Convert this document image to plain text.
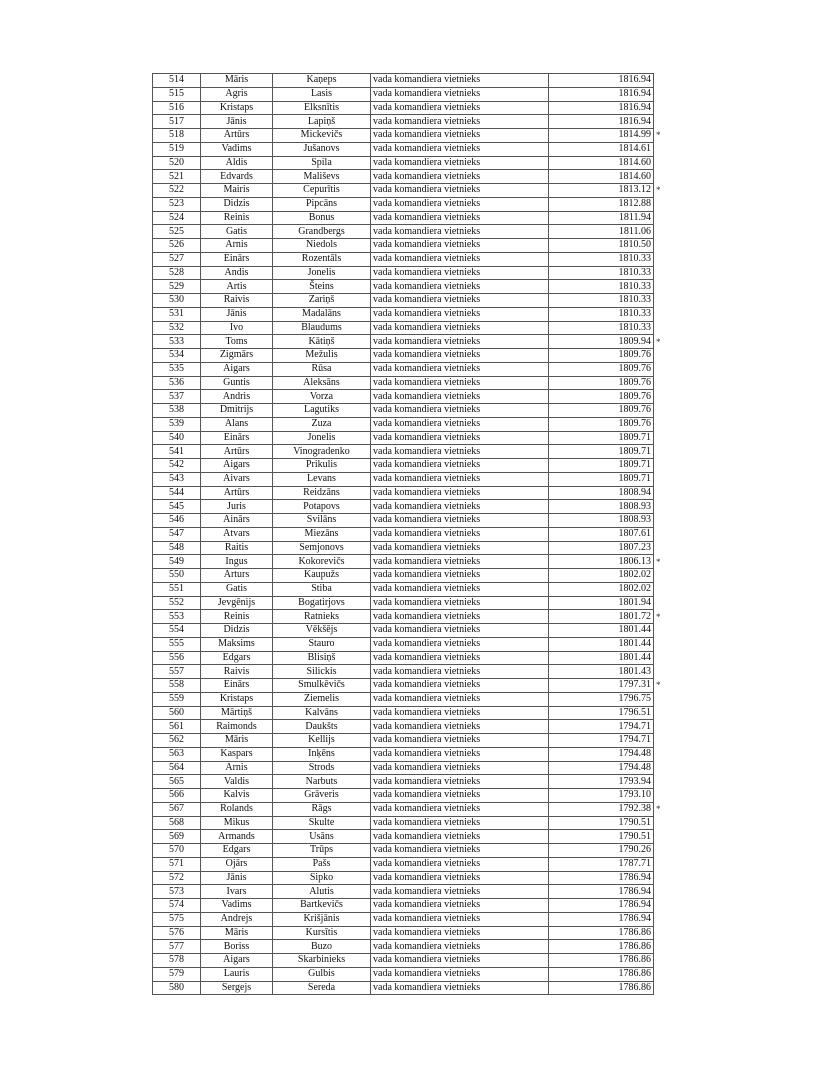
514	Māris	Kaņeps	vada komandiera vietnieks	1816.94	
515	Agris	Lasis	vada komandiera vietnieks	1816.94	
516	Kristaps	Elksnītis	vada komandiera vietnieks	1816.94	
517	Jānis	Lapiņš	vada komandiera vietnieks	1816.94	
518	Artūrs	Mickevičs	vada komandiera vietnieks	1814.99	*
519	Vadims	Jušanovs	vada komandiera vietnieks	1814.61	
520	Aldis	Spila	vada komandiera vietnieks	1814.60	
521	Edvards	Mališevs	vada komandiera vietnieks	1814.60	
522	Mairis	Cepurītis	vada komandiera vietnieks	1813.12	*
523	Didzis	Pipcāns	vada komandiera vietnieks	1812.88	
524	Reinis	Bonus	vada komandiera vietnieks	1811.94	
525	Gatis	Grandbergs	vada komandiera vietnieks	1811.06	
526	Arnis	Niedols	vada komandiera vietnieks	1810.50	
527	Einārs	Rozentāls	vada komandiera vietnieks	1810.33	
528	Andis	Jonelis	vada komandiera vietnieks	1810.33	
529	Artis	Šteins	vada komandiera vietnieks	1810.33	
530	Raivis	Zariņš	vada komandiera vietnieks	1810.33	
531	Jānis	Madalāns	vada komandiera vietnieks	1810.33	
532	Ivo	Blaudums	vada komandiera vietnieks	1810.33	
533	Toms	Kātiņš	vada komandiera vietnieks	1809.94	*
534	Zigmārs	Mežulis	vada komandiera vietnieks	1809.76	
535	Aigars	Rūsa	vada komandiera vietnieks	1809.76	
536	Guntis	Aleksāns	vada komandiera vietnieks	1809.76	
537	Andris	Vorza	vada komandiera vietnieks	1809.76	
538	Dmitrijs	Lagutiks	vada komandiera vietnieks	1809.76	
539	Alans	Zuza	vada komandiera vietnieks	1809.76	
540	Einārs	Jonelis	vada komandiera vietnieks	1809.71	
541	Artūrs	Vinogradenko	vada komandiera vietnieks	1809.71	
542	Aigars	Prikulis	vada komandiera vietnieks	1809.71	
543	Aivars	Levans	vada komandiera vietnieks	1809.71	
544	Artūrs	Reidzāns	vada komandiera vietnieks	1808.94	
545	Juris	Potapovs	vada komandiera vietnieks	1808.93	
546	Ainārs	Svilāns	vada komandiera vietnieks	1808.93	
547	Atvars	Miezāns	vada komandiera vietnieks	1807.61	
548	Raitis	Semjonovs	vada komandiera vietnieks	1807.23	
549	Ingus	Kokorevičs	vada komandiera vietnieks	1806.13	*
550	Arturs	Kaupužs	vada komandiera vietnieks	1802.02	
551	Gatis	Stiba	vada komandiera vietnieks	1802.02	
552	Jevgēnijs	Bogatirjovs	vada komandiera vietnieks	1801.94	
553	Reinis	Ratnieks	vada komandiera vietnieks	1801.72	*
554	Didzis	Vēkšējs	vada komandiera vietnieks	1801.44	
555	Maksims	Stauro	vada komandiera vietnieks	1801.44	
556	Edgars	Blisiņš	vada komandiera vietnieks	1801.44	
557	Raivis	Silickis	vada komandiera vietnieks	1801.43	
558	Einārs	Smulkēvičs	vada komandiera vietnieks	1797.31	*
559	Kristaps	Ziemelis	vada komandiera vietnieks	1796.75	
560	Mārtiņš	Kalvāns	vada komandiera vietnieks	1796.51	
561	Raimonds	Daukšts	vada komandiera vietnieks	1794.71	
562	Māris	Kellijs	vada komandiera vietnieks	1794.71	
563	Kaspars	Inķēns	vada komandiera vietnieks	1794.48	
564	Arnis	Strods	vada komandiera vietnieks	1794.48	
565	Valdis	Narbuts	vada komandiera vietnieks	1793.94	
566	Kalvis	Grāveris	vada komandiera vietnieks	1793.10	
567	Rolands	Rāgs	vada komandiera vietnieks	1792.38	*
568	Mikus	Skulte	vada komandiera vietnieks	1790.51	
569	Armands	Usāns	vada komandiera vietnieks	1790.51	
570	Edgars	Trūps	vada komandiera vietnieks	1790.26	
571	Ojārs	Pašs	vada komandiera vietnieks	1787.71	
572	Jānis	Sipko	vada komandiera vietnieks	1786.94	
573	Ivars	Alutis	vada komandiera vietnieks	1786.94	
574	Vadims	Bartkevičs	vada komandiera vietnieks	1786.94	
575	Andrejs	Krišjānis	vada komandiera vietnieks	1786.94	
576	Māris	Kursītis	vada komandiera vietnieks	1786.86	
577	Boriss	Buzo	vada komandiera vietnieks	1786.86	
578	Aigars	Skarbinieks	vada komandiera vietnieks	1786.86	
579	Lauris	Gulbis	vada komandiera vietnieks	1786.86	
580	Sergejs	Sereda	vada komandiera vietnieks	1786.86	
